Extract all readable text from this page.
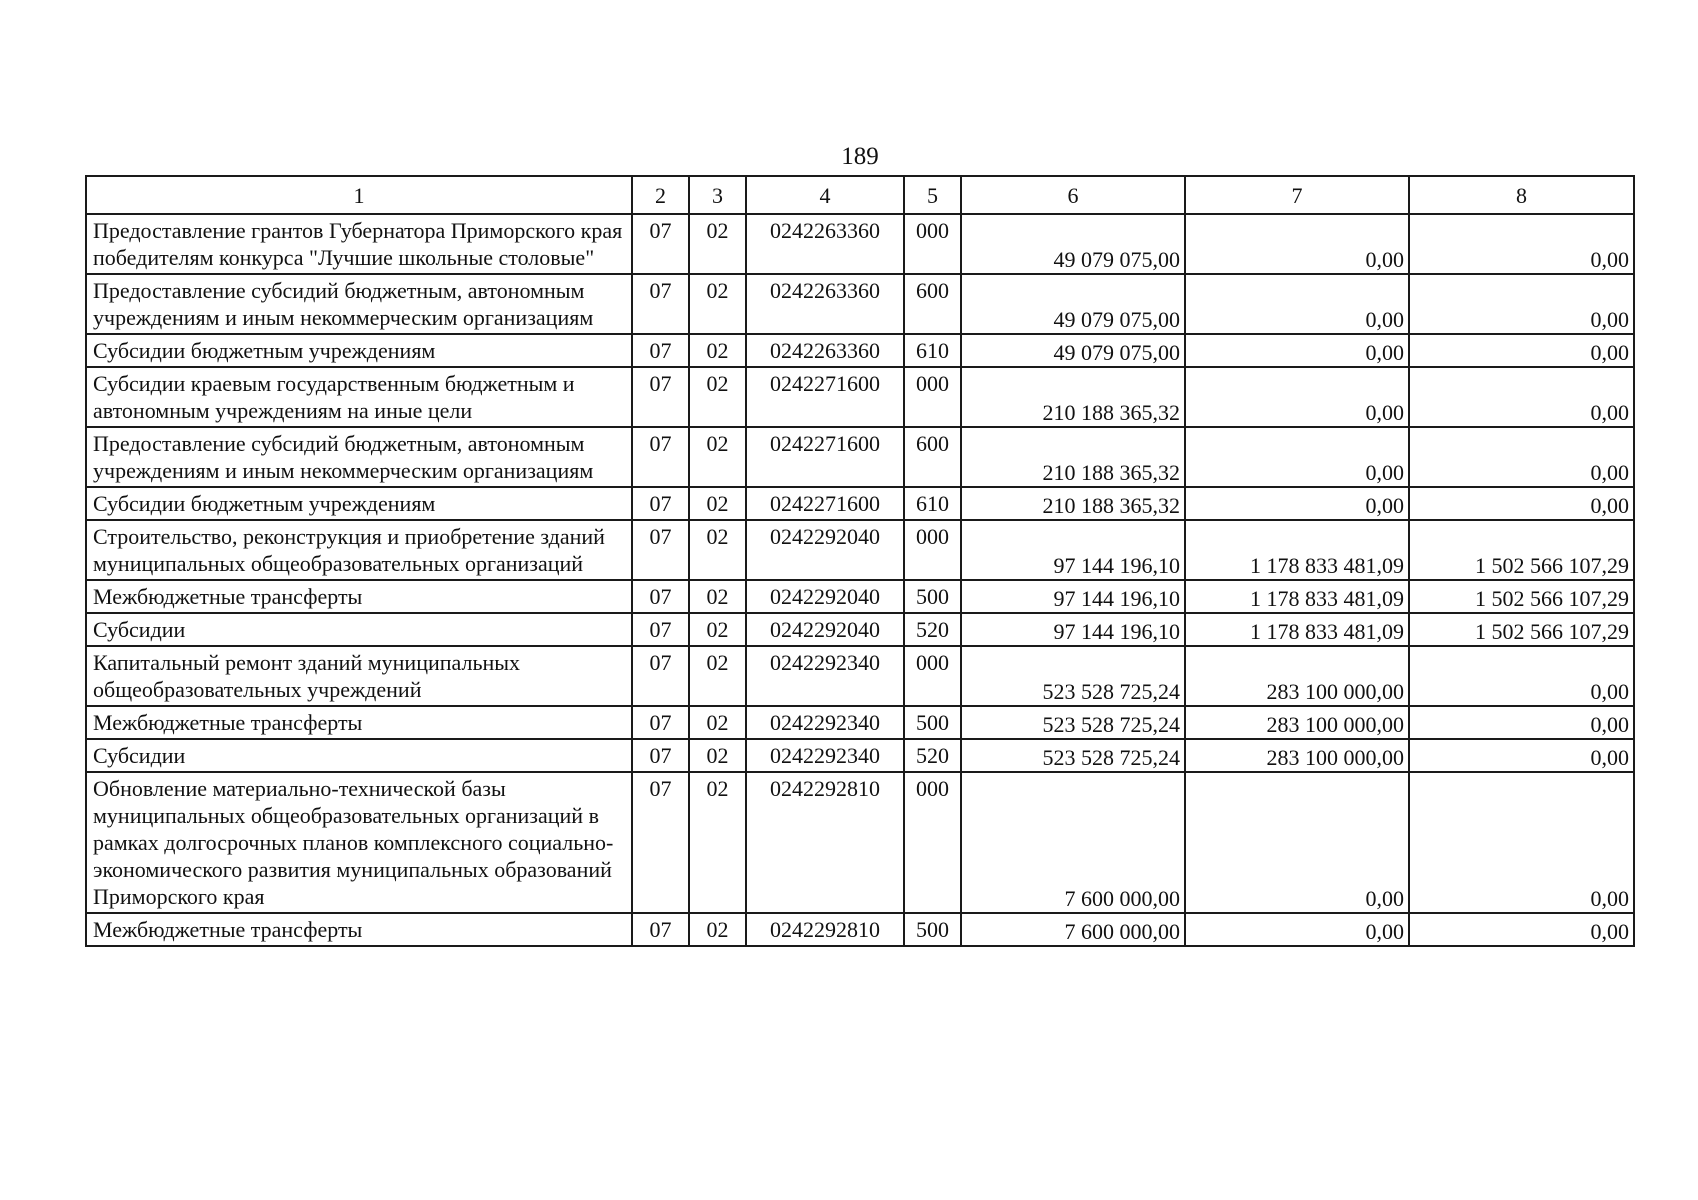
189
1	2	3	4	5	6	7	8
Предоставление грантов Губернатора Приморского края победителям конкурса "Лучшие школьные столовые"	07	02	0242263360	000	49 079 075,00	0,00	0,00
Предоставление субсидий бюджетным, автономным учреждениям и иным некоммерческим организациям	07	02	0242263360	600	49 079 075,00	0,00	0,00
Субсидии бюджетным учреждениям	07	02	0242263360	610	49 079 075,00	0,00	0,00
Субсидии краевым государственным бюджетным и автономным учреждениям на иные цели	07	02	0242271600	000	210 188 365,32	0,00	0,00
Предоставление субсидий бюджетным, автономным учреждениям и иным некоммерческим организациям	07	02	0242271600	600	210 188 365,32	0,00	0,00
Субсидии бюджетным учреждениям	07	02	0242271600	610	210 188 365,32	0,00	0,00
Строительство, реконструкция и приобретение зданий муниципальных общеобразовательных организаций	07	02	0242292040	000	97 144 196,10	1 178 833 481,09	1 502 566 107,29
Межбюджетные трансферты	07	02	0242292040	500	97 144 196,10	1 178 833 481,09	1 502 566 107,29
Субсидии	07	02	0242292040	520	97 144 196,10	1 178 833 481,09	1 502 566 107,29
Капитальный ремонт зданий муниципальных общеобразовательных учреждений	07	02	0242292340	000	523 528 725,24	283 100 000,00	0,00
Межбюджетные трансферты	07	02	0242292340	500	523 528 725,24	283 100 000,00	0,00
Субсидии	07	02	0242292340	520	523 528 725,24	283 100 000,00	0,00
Обновление материально-технической базы муниципальных общеобразовательных организаций в рамках долгосрочных планов комплексного социально-экономического развития муниципальных образований Приморского края	07	02	0242292810	000	7 600 000,00	0,00	0,00
Межбюджетные трансферты	07	02	0242292810	500	7 600 000,00	0,00	0,00
